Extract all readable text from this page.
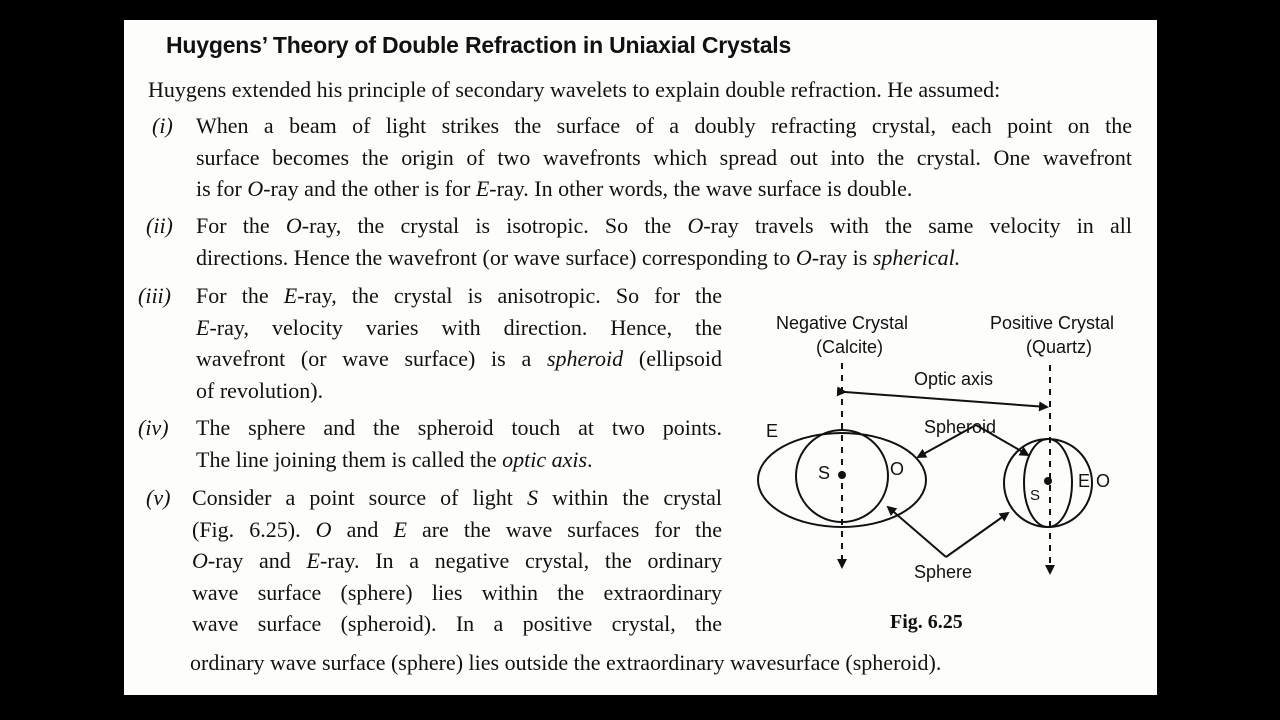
Huygens’ Theory of Double Refraction in Uniaxial Crystals
Huygens extended his principle of secondary wavelets to explain double refraction. He assumed:
(i) When a beam of light strikes the surface of a doubly refracting crystal, each point on the
surface becomes the origin of two wavefronts which spread out into the crystal. One wavefront
is for O-ray and the other is for E-ray. In other words, the wave surface is double.
(ii) For the O-ray, the crystal is isotropic. So the O-ray travels with the same velocity in all
directions. Hence the wavefront (or wave surface) corresponding to O-ray is spherical.
(iii) For the E-ray, the crystal is anisotropic. So for the
E-ray, velocity varies with direction. Hence, the
wavefront (or wave surface) is a spheroid (ellipsoid
of revolution).
(iv) The sphere and the spheroid touch at two points.
The line joining them is called the optic axis.
(v) Consider a point source of light S within the crystal
(Fig. 6.25). O and E are the wave surfaces for the
O-ray and E-ray. In a negative crystal, the ordinary
wave surface (sphere) lies within the extraordinary
wave surface (spheroid). In a positive crystal, the
ordinary wave surface (sphere) lies outside the extraordinary wavesurface (spheroid).
Negative Crystal
(Calcite)
Positive Crystal
(Quartz)
Optic axis
Spheroid
Sphere
E
S	O
S
E O
Fig. 6.25
